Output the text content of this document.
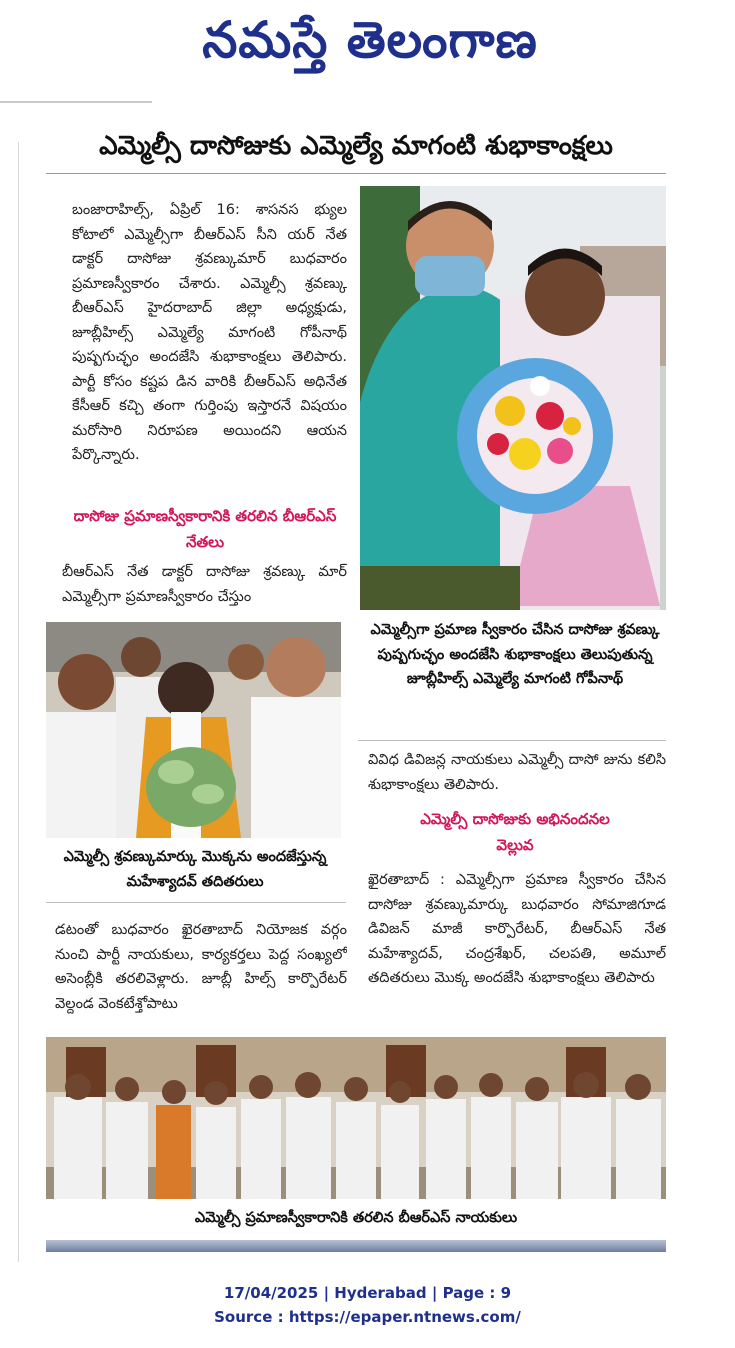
నమస్తే తెలంగాణ
ఎమ్మెల్సీ దాసోజుకు ఎమ్మెల్యే మాగంటి శుభాకాంక్షలు
బంజారాహిల్స్, ఏప్రిల్ 16: శాసనస భ్యుల కోటాలో ఎమ్మెల్సీగా బీఆర్ఎస్ సీని యర్ నేత డాక్టర్ దాసోజు శ్రవణ్కుమార్ బుధవారం ప్రమాణస్వీకారం చేశారు. ఎమ్మెల్సీ శ్రవణ్కు బీఆర్ఎస్ హైదరాబాద్ జిల్లా అధ్యక్షుడు, జూబ్లీహిల్స్ ఎమ్మెల్యే మాగంటి గోపీనాథ్ పుష్పగుచ్ఛం అందజేసి శుభాకాంక్షలు తెలిపారు. పార్టీ కోసం కష్టప డిన వారికి బీఆర్ఎస్ అధినేత కేసీఆర్ కచ్చి తంగా గుర్తింపు ఇస్తారనే విషయం మరోసారి నిరూపణ అయిందని ఆయన పేర్కొన్నారు.
దాసోజు ప్రమాణస్వీకారానికి తరలిన బీఆర్ఎస్ నేతలు
బీఆర్ఎస్ నేత డాక్టర్ దాసోజు శ్రవణ్కు మార్ ఎమ్మెల్సీగా ప్రమాణస్వీకారం చేస్తుం
ఎమ్మెల్సీగా ప్రమాణ స్వీకారం చేసిన దాసోజు శ్రవణ్కు పుష్పగుచ్ఛం అందజేసి శుభాకాంక్షలు తెలుపుతున్న జూబ్లీహిల్స్ ఎమ్మెల్యే మాగంటి గోపీనాథ్
వివిధ డివిజన్ల నాయకులు ఎమ్మెల్సీ దాసో జును కలిసి శుభాకాంక్షలు తెలిపారు.
ఎమ్మెల్సీ దాసోజుకు అభినందనల వెల్లువ
ఎమ్మెల్సీ శ్రవణ్కుమార్కు మొక్కను అందజేస్తున్న మహేశ్యాదవ్ తదితరులు
డటంతో బుధవారం ఖైరతాబాద్ నియోజక వర్గం నుంచి పార్టీ నాయకులు, కార్యకర్తలు పెద్ద సంఖ్యలో అసెంబ్లీకి తరలివెళ్లారు. జూబ్లీ హిల్స్ కార్పొరేటర్ వెల్దండ వెంకటేశ్తోపాటు
ఖైరతాబాద్ : ఎమ్మెల్సీగా ప్రమాణ స్వీకారం చేసిన దాసోజు శ్రవణ్కుమార్కు బుధవారం సోమాజిగూడ డివిజన్ మాజీ కార్పొరేటర్, బీఆర్ఎస్ నేత మహేశ్యాదవ్, చంద్రశేఖర్, చలపతి, అమూల్ తదితరులు మొక్క అందజేసి శుభాకాంక్షలు తెలిపారు
ఎమ్మెల్సీ ప్రమాణస్వీకారానికి తరలిన బీఆర్ఎస్ నాయకులు
17/04/2025 | Hyderabad | Page : 9
Source : https://epaper.ntnews.com/
